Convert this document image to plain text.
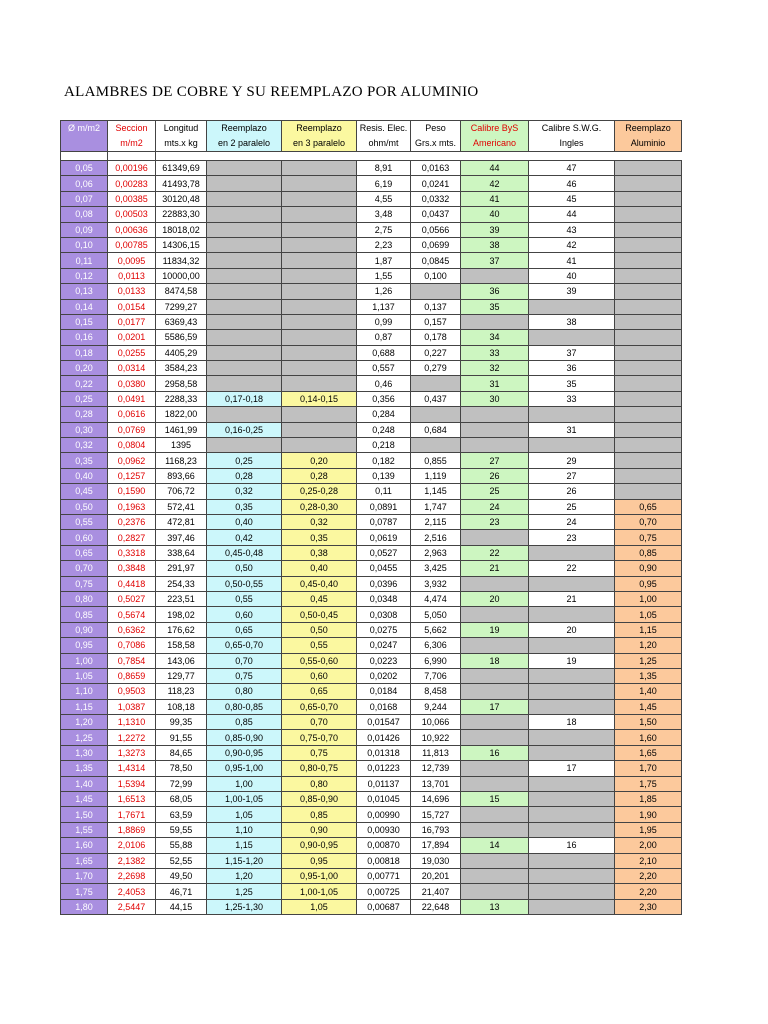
ALAMBRES DE COBRE Y SU REEMPLAZO POR ALUMINIO
Ø m/m2	Seccion	Longitud	Reemplazo	Reemplazo	Resis. Elec.	Peso	Calibre ByS	Calibre S.W.G.	Reemplazo
	m/m2	mts.x kg	en 2 paralelo	en 3 paralelo	ohm/mt	Grs.x mts.	Americano	Ingles	Aluminio

0,05	0,00196	61349,69			8,91	0,0163	44	47	
0,06	0,00283	41493,78			6,19	0,0241	42	46	
0,07	0,00385	30120,48			4,55	0,0332	41	45	
0,08	0,00503	22883,30			3,48	0,0437	40	44	
0,09	0,00636	18018,02			2,75	0,0566	39	43	
0,10	0,00785	14306,15			2,23	0,0699	38	42	
0,11	0,0095	11834,32			1,87	0,0845	37	41	
0,12	0,0113	10000,00			1,55	0,100		40	
0,13	0,0133	8474,58			1,26		36	39	
0,14	0,0154	7299,27			1,137	0,137	35		
0,15	0,0177	6369,43			0,99	0,157		38	
0,16	0,0201	5586,59			0,87	0,178	34		
0,18	0,0255	4405,29			0,688	0,227	33	37	
0,20	0,0314	3584,23			0,557	0,279	32	36	
0,22	0,0380	2958,58			0,46		31	35	
0,25	0,0491	2288,33	0,17-0,18	0,14-0,15	0,356	0,437	30	33	
0,28	0,0616	1822,00			0,284				
0,30	0,0769	1461,99	0,16-0,25		0,248	0,684		31	
0,32	0,0804	1395			0,218				
0,35	0,0962	1168,23	0,25	0,20	0,182	0,855	27	29	
0,40	0,1257	893,66	0,28	0,28	0,139	1,119	26	27	
0,45	0,1590	706,72	0,32	0,25-0,28	0,11	1,145	25	26	
0,50	0,1963	572,41	0,35	0,28-0,30	0,0891	1,747	24	25	0,65
0,55	0,2376	472,81	0,40	0,32	0,0787	2,115	23	24	0,70
0,60	0,2827	397,46	0,42	0,35	0,0619	2,516		23	0,75
0,65	0,3318	338,64	0,45-0,48	0,38	0,0527	2,963	22		0,85
0,70	0,3848	291,97	0,50	0,40	0,0455	3,425	21	22	0,90
0,75	0,4418	254,33	0,50-0,55	0,45-0,40	0,0396	3,932			0,95
0,80	0,5027	223,51	0,55	0,45	0,0348	4,474	20	21	1,00
0,85	0,5674	198,02	0,60	0,50-0,45	0,0308	5,050			1,05
0,90	0,6362	176,62	0,65	0,50	0,0275	5,662	19	20	1,15
0,95	0,7086	158,58	0,65-0,70	0,55	0,0247	6,306			1,20
1,00	0,7854	143,06	0,70	0,55-0,60	0,0223	6,990	18	19	1,25
1,05	0,8659	129,77	0,75	0,60	0,0202	7,706			1,35
1,10	0,9503	118,23	0,80	0,65	0,0184	8,458			1,40
1,15	1,0387	108,18	0,80-0,85	0,65-0,70	0,0168	9,244	17		1,45
1,20	1,1310	99,35	0,85	0,70	0,01547	10,066		18	1,50
1,25	1,2272	91,55	0,85-0,90	0,75-0,70	0,01426	10,922			1,60
1,30	1,3273	84,65	0,90-0,95	0,75	0,01318	11,813	16		1,65
1,35	1,4314	78,50	0,95-1,00	0,80-0,75	0,01223	12,739		17	1,70
1,40	1,5394	72,99	1,00	0,80	0,01137	13,701			1,75
1,45	1,6513	68,05	1,00-1,05	0,85-0,90	0,01045	14,696	15		1,85
1,50	1,7671	63,59	1,05	0,85	0,00990	15,727			1,90
1,55	1,8869	59,55	1,10	0,90	0,00930	16,793			1,95
1,60	2,0106	55,88	1,15	0,90-0,95	0,00870	17,894	14	16	2,00
1,65	2,1382	52,55	1,15-1,20	0,95	0,00818	19,030			2,10
1,70	2,2698	49,50	1,20	0,95-1,00	0,00771	20,201			2,20
1,75	2,4053	46,71	1,25	1,00-1,05	0,00725	21,407			2,20
1,80	2,5447	44,15	1,25-1,30	1,05	0,00687	22,648	13		2,30
